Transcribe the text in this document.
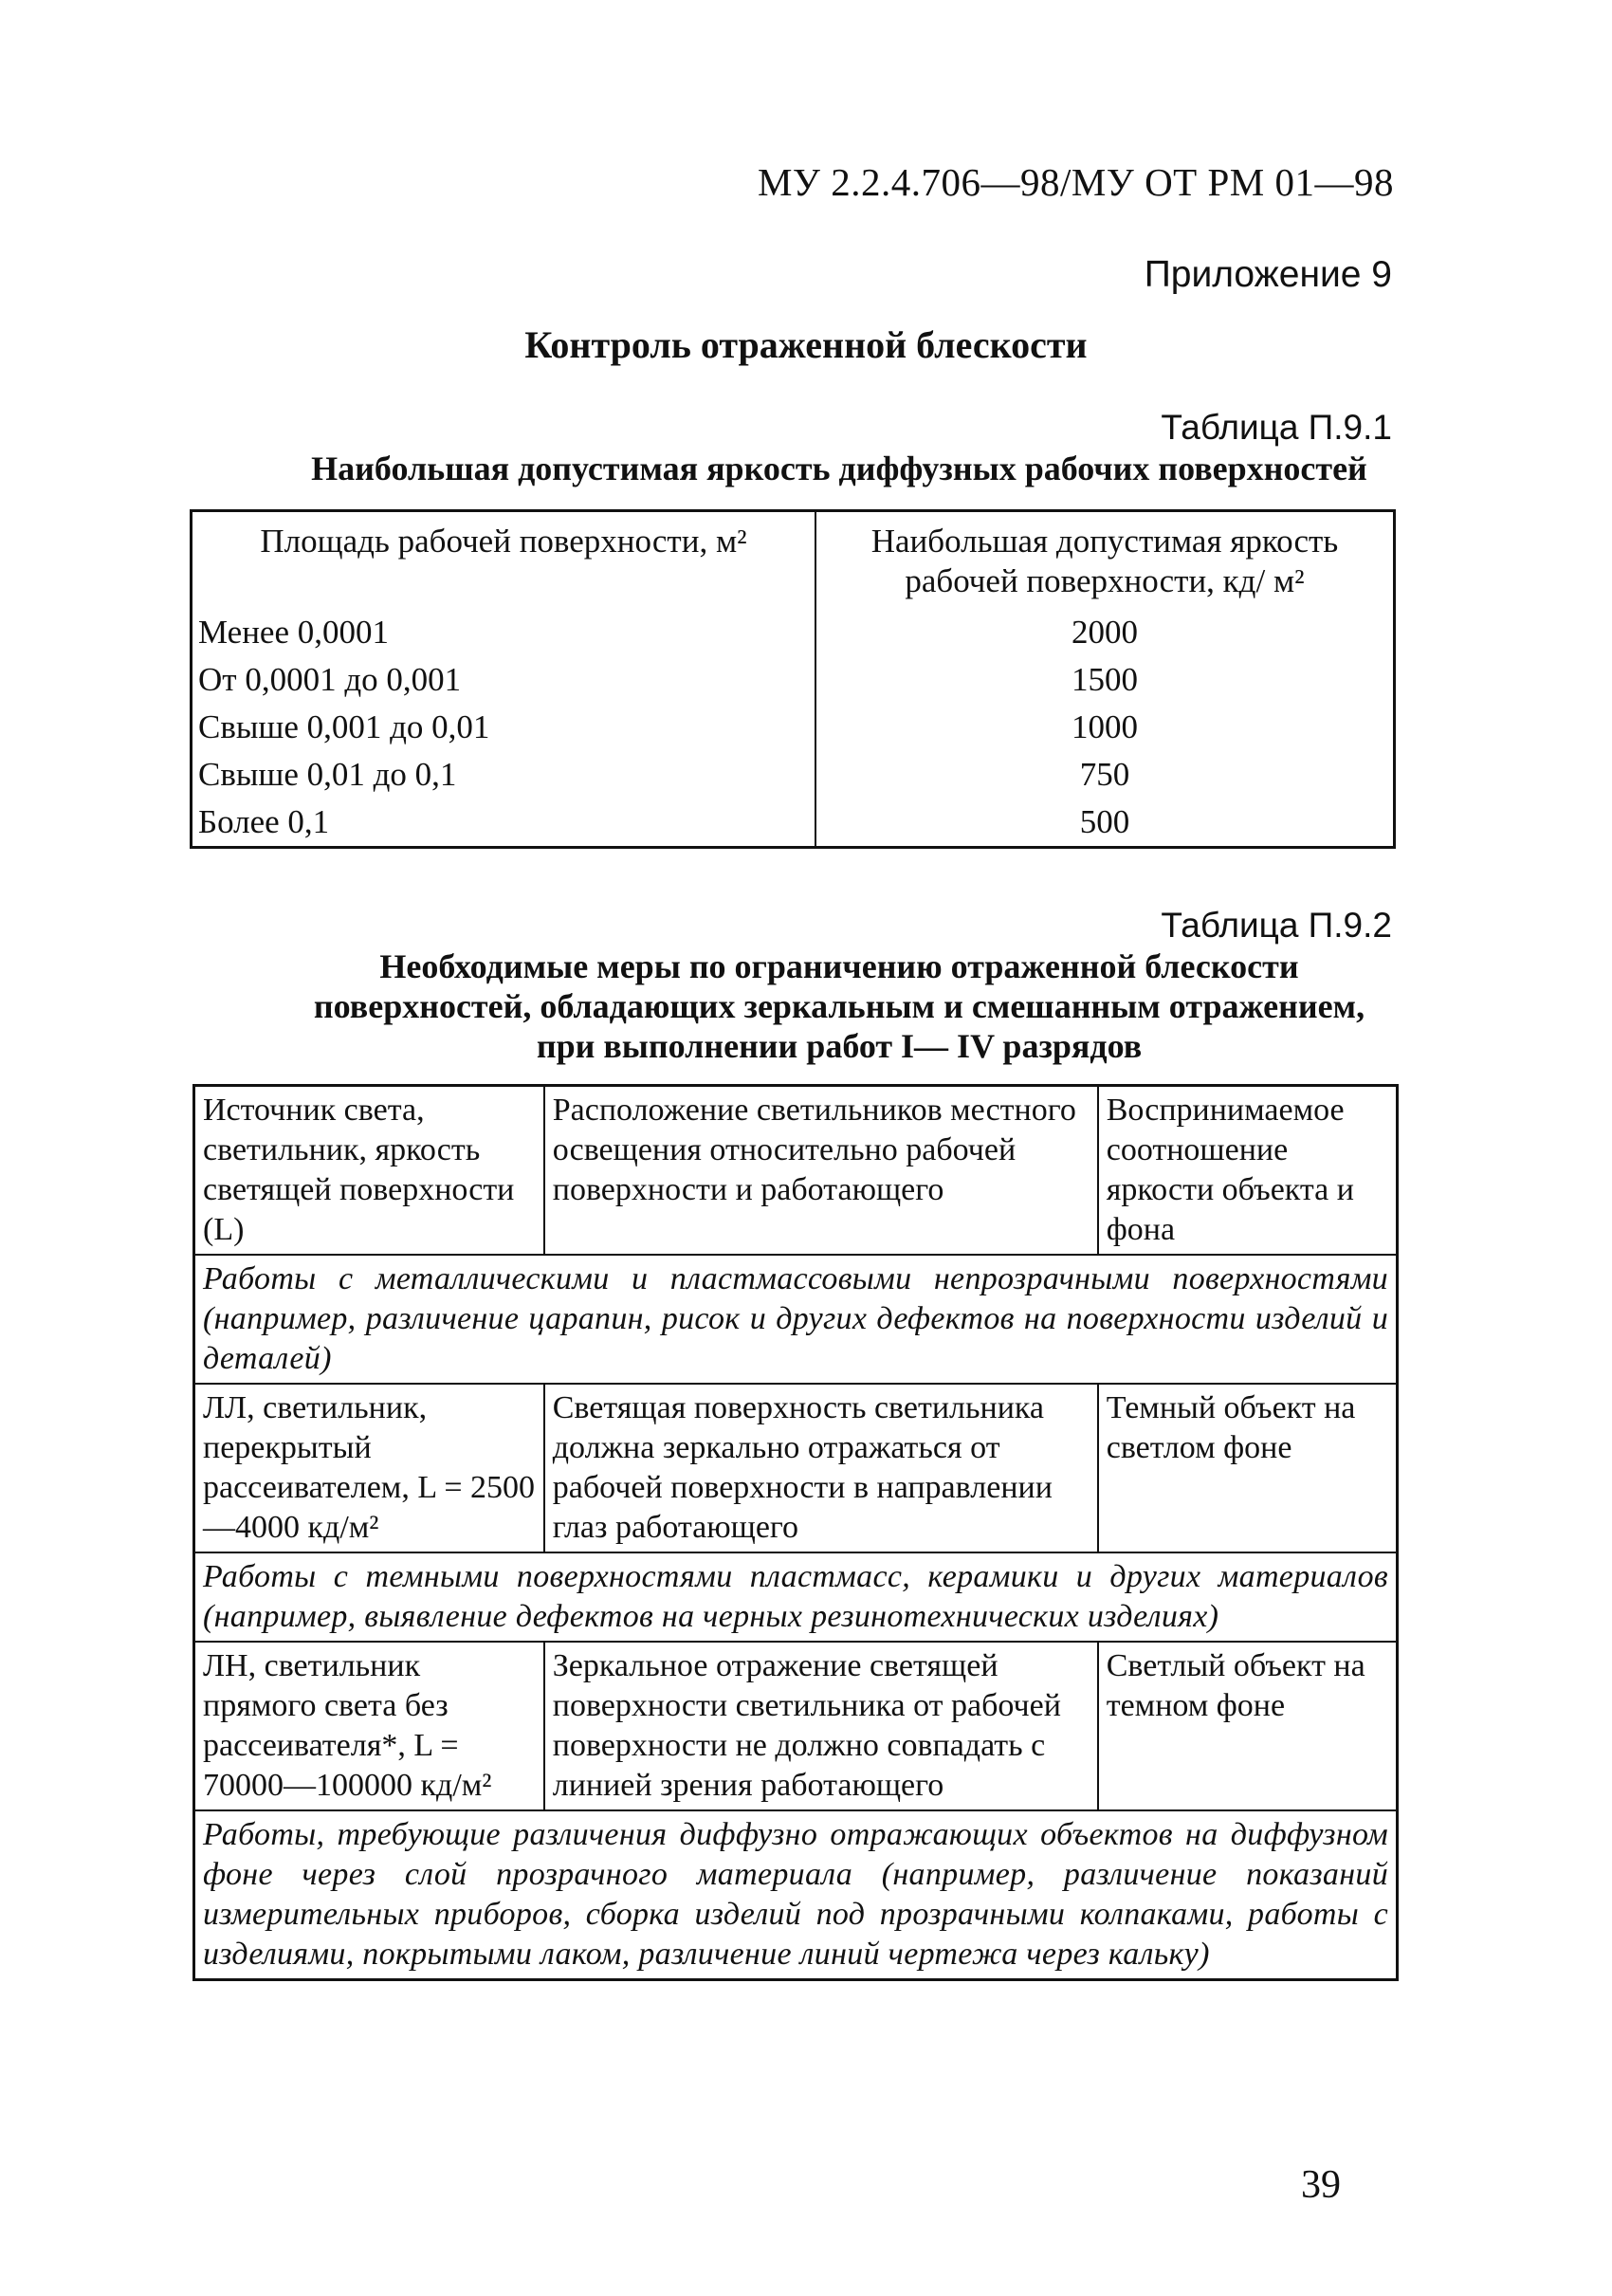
МУ 2.2.4.706—98/МУ ОТ РМ 01—98
Приложение 9
Контроль отраженной блескости
Таблица П.9.1
Наибольшая допустимая яркость диффузных рабочих поверхностей
Площадь рабочей поверхности, м²	Наибольшая допустимая яркость рабочей поверхности, кд/ м²
Менее 0,0001	2000
От 0,0001 до 0,001	1500
Свыше 0,001 до 0,01	1000
Свыше 0,01 до 0,1	750
Более 0,1	500
Таблица П.9.2
Необходимые меры по ограничению отраженной блескости
поверхностей, обладающих зеркальным и смешанным отражением,
при выполнении работ I— IV разрядов
Источник света, светильник, яркость светящей поверхности (L)	Расположение светильников местного освещения относительно рабочей поверхности и работающего	Воспринимаемое соотношение яркости объекта и фона
Работы с металлическими и пластмассовыми непрозрачными поверхностями (например, различение царапин, рисок и других дефектов на поверхности изделий и деталей)		
ЛЛ, светильник, перекрытый рассеивателем, L = 2500—4000 кд/м²	Светящая поверхность светильника должна зеркально отражаться от рабочей поверхности в направлении глаз работающего	Темный объект на светлом фоне
Работы с темными поверхностями пластмасс, керамики и других материалов (например, выявление дефектов на черных резинотехнических изделиях)		
ЛН, светильник прямого света без рассеивателя*, L = 70000—100000 кд/м²	Зеркальное отражение светящей поверхности светильника от рабочей поверхности не должно совпадать с линией зрения работающего	Светлый объект на темном фоне
Работы, требующие различения диффузно отражающих объектов на диффузном фоне через слой прозрачного материала (например, различение показаний измерительных приборов, сборка изделий под прозрачными колпаками, работы с изделиями, покрытыми лаком, различение линий чертежа через кальку)		
39
